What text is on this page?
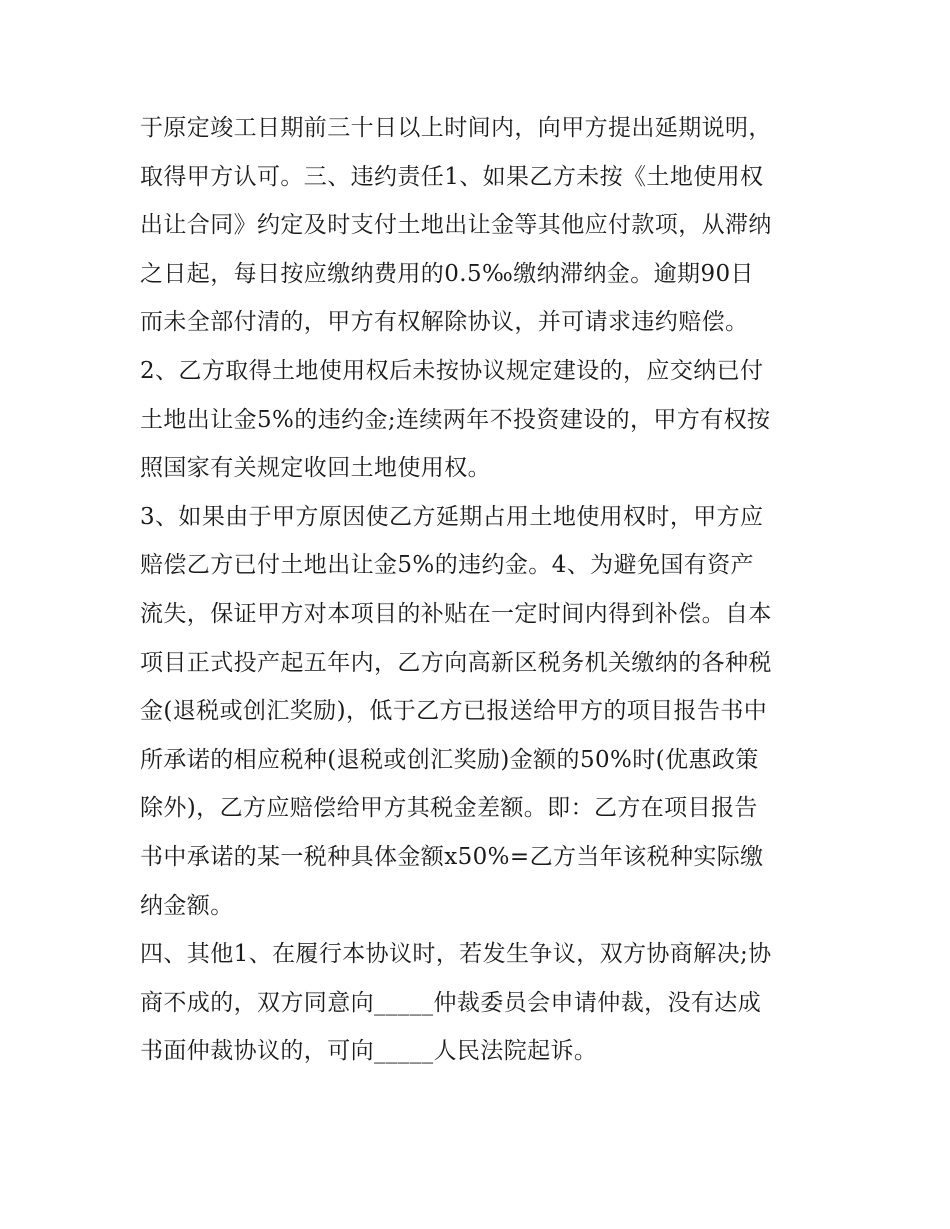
于原定竣工日期前三十日以上时间内，向甲方提出延期说明，
取得甲方认可。三、违约责任1、如果乙方未按《土地使用权
出让合同》约定及时支付土地出让金等其他应付款项，从滞纳
之日起，每日按应缴纳费用的0.5‰缴纳滞纳金。逾期90日
而未全部付清的，甲方有权解除协议，并可请求违约赔偿。
2、乙方取得土地使用权后未按协议规定建设的，应交纳已付
土地出让金5%的违约金;连续两年不投资建设的，甲方有权按
照国家有关规定收回土地使用权。
3、如果由于甲方原因使乙方延期占用土地使用权时，甲方应
赔偿乙方已付土地出让金5%的违约金。4、为避免国有资产
流失，保证甲方对本项目的补贴在一定时间内得到补偿。自本
项目正式投产起五年内，乙方向高新区税务机关缴纳的各种税
金(退税或创汇奖励)，低于乙方已报送给甲方的项目报告书中
所承诺的相应税种(退税或创汇奖励)金额的50%时(优惠政策
除外)，乙方应赔偿给甲方其税金差额。即：乙方在项目报告
书中承诺的某一税种具体金额x50%=乙方当年该税种实际缴
纳金额。
四、其他1、在履行本协议时，若发生争议，双方协商解决;协
商不成的，双方同意向_____仲裁委员会申请仲裁，没有达成
书面仲裁协议的，可向_____人民法院起诉。
